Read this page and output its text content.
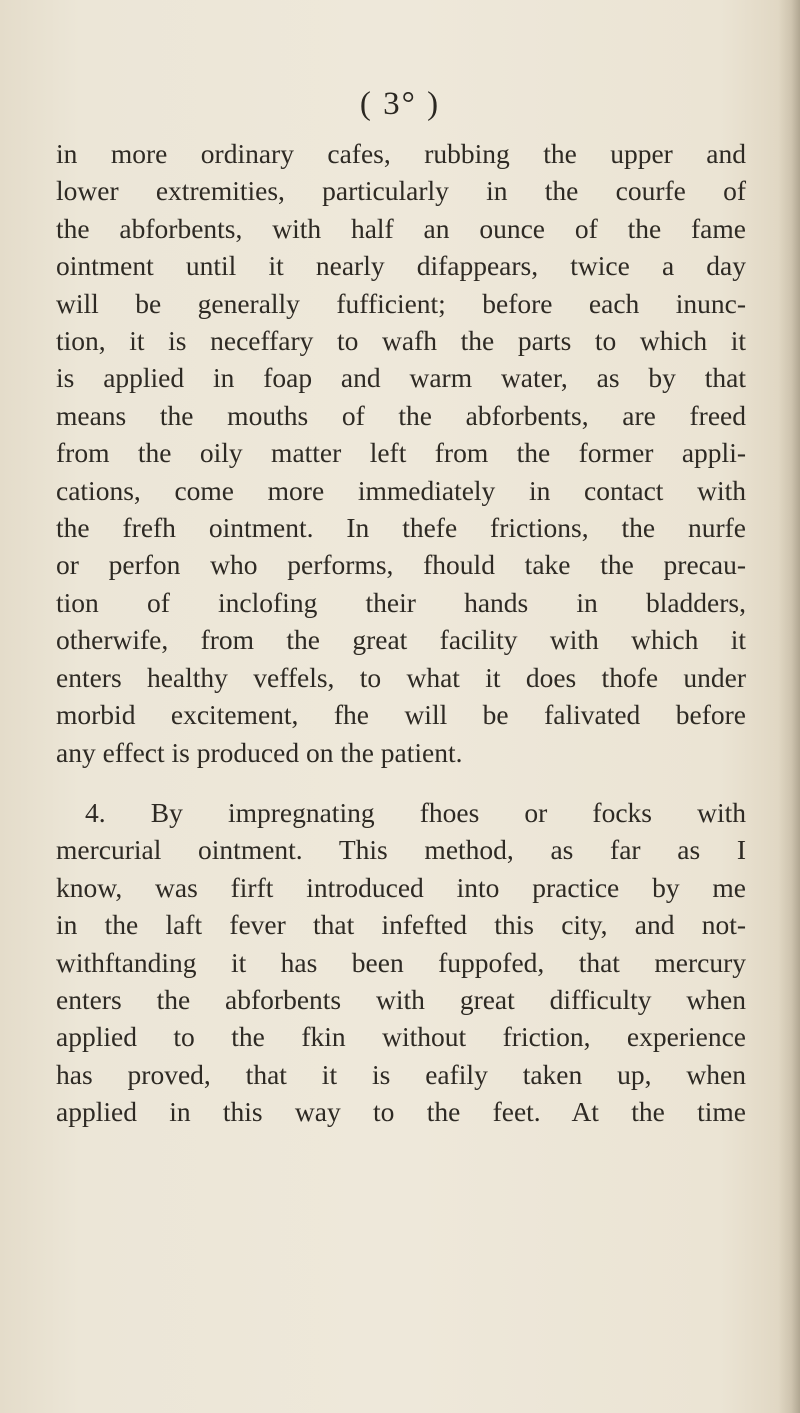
( 3° )
in more ordinary cafes, rubbing the upper and
lower extremities, particularly in the courfe of
the abforbents, with half an ounce of the fame
ointment until it nearly difappears, twice a day
will be generally fufficient; before each inunc-
tion, it is neceffary to wafh the parts to which it
is applied in foap and warm water, as by that
means the mouths of the abforbents, are freed
from the oily matter left from the former appli-
cations, come more immediately in contact with
the frefh ointment. In thefe frictions, the nurfe
or perfon who performs, fhould take the precau-
tion of inclofing their hands in bladders,
otherwife, from the great facility with which it
enters healthy veffels, to what it does thofe under
morbid excitement, fhe will be falivated before
any effect is produced on the patient.
4. By impregnating fhoes or focks with
mercurial ointment. This method, as far as I
know, was firft introduced into practice by me
in the laft fever that infefted this city, and not-
withftanding it has been fuppofed, that mercury
enters the abforbents with great difficulty when
applied to the fkin without friction, experience
has proved, that it is eafily taken up, when
applied in this way to the feet. At the time
